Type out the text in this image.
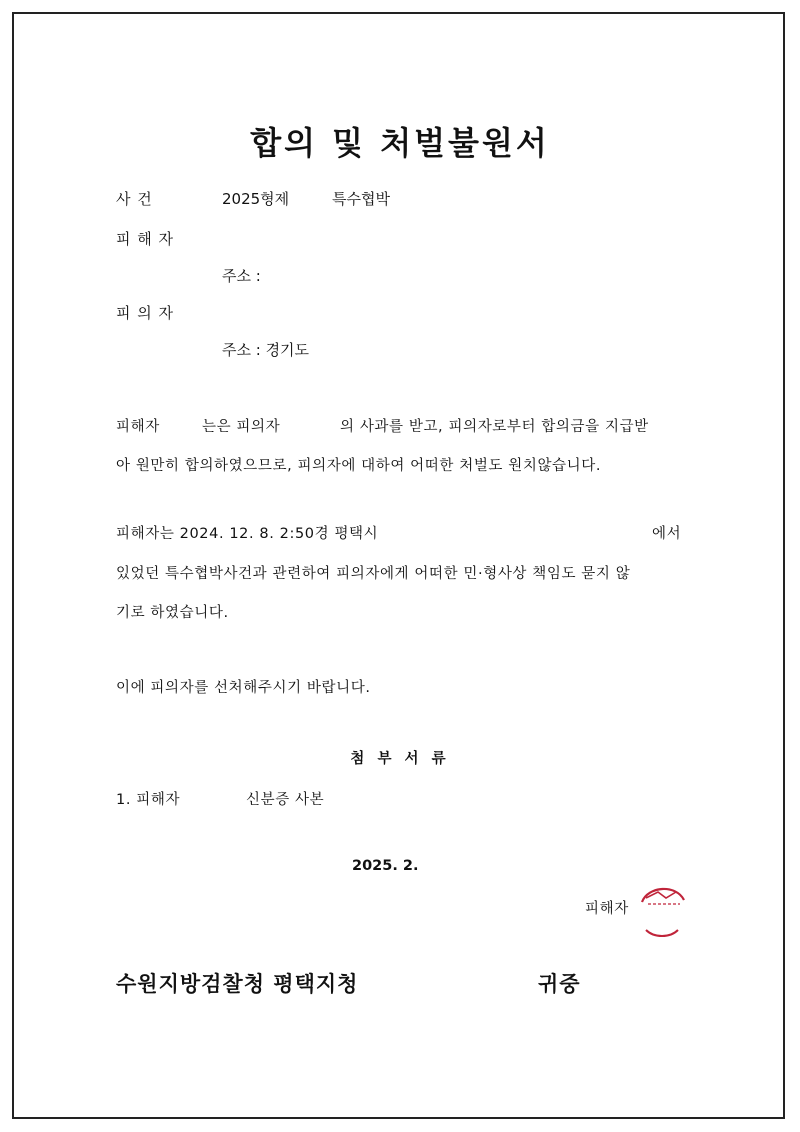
합의 및 처벌불원서
사 건	2025형제	특수협박
피 해 자
주소 :
피 의 자
주소 : 경기도
피해자	는은 피의자	의 사과를 받고, 피의자로부터 합의금을 지급받
아 원만히 합의하였으므로, 피의자에 대하여 어떠한 처벌도 원치않습니다.
피해자는 2024. 12. 8. 2:50경 평택시	에서
있었던 특수협박사건과 관련하여 피의자에게 어떠한 민·형사상 책임도 묻지 않
기로 하였습니다.
이에 피의자를 선처해주시기 바랍니다.
첨 부 서 류
1. 피해자	신분증 사본
2025. 2.
피해자
수원지방검찰청 평택지청	귀중
